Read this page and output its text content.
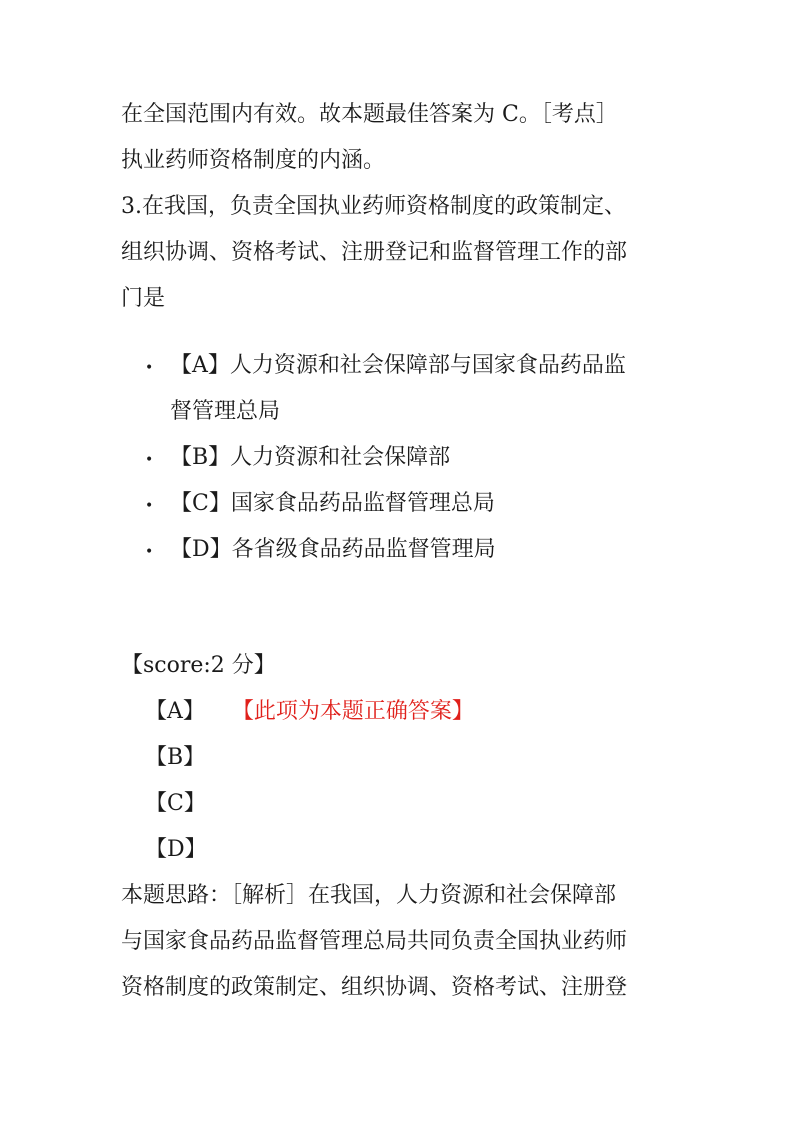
在全国范围内有效。故本题最佳答案为 C。［考点］
执业药师资格制度的内涵。

3.在我国，负责全国执业药师资格制度的政策制定、
组织协调、资格考试、注册登记和监督管理工作的部
门是

• 【A】人力资源和社会保障部与国家食品药品监
督管理总局
• 【B】人力资源和社会保障部
• 【C】国家食品药品监督管理总局
• 【D】各省级食品药品监督管理局

【score:2 分】

【A】 【此项为本题正确答案】
【B】
【C】
【D】

本题思路：［解析］在我国，人力资源和社会保障部
与国家食品药品监督管理总局共同负责全国执业药师
资格制度的政策制定、组织协调、资格考试、注册登
